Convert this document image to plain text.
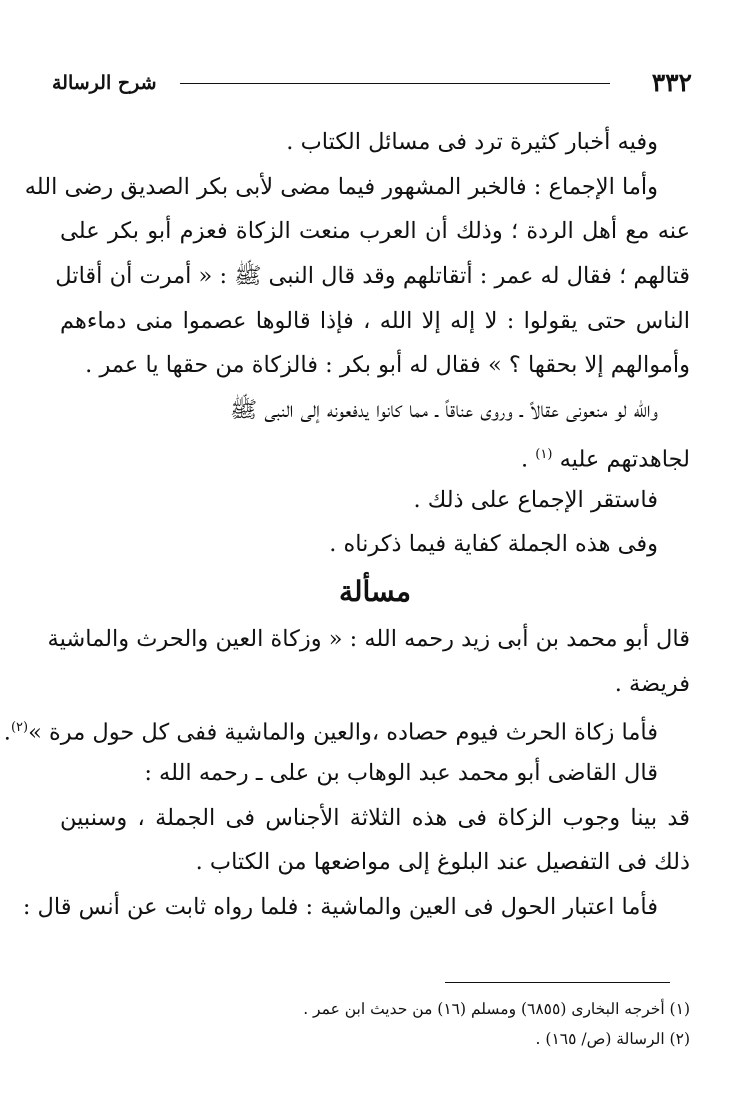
٣٣٢
شرح الرسالة
وفيه أخبار كثيرة ترد فى مسائل الكتاب .
وأما الإجماع : فالخبر المشهور فيما مضى لأبى بكر الصديق رضى الله
عنه مع أهل الردة ؛ وذلك أن العرب منعت الزكاة فعزم أبو بكر على
قتالهم ؛ فقال له عمر : أتقاتلهم وقد قال النبى ﷺ : « أمرت أن أقاتل
الناس حتى يقولوا : لا إله إلا الله ، فإذا قالوها عصموا منى دماءهم
وأموالهم إلا بحقها ؟ » فقال له أبو بكر : فالزكاة من حقها يا عمر .
والله لو منعونى عقالاً ـ وروى عناقاً ـ مما كانوا يدفعونه إلى النبى ﷺ
لجاهدتهم عليه $^{(١)}$ .
فاستقر الإجماع على ذلك .
وفى هذه الجملة كفاية فيما ذكرناه .
مسألة
قال أبو محمد بن أبى زيد رحمه الله : « وزكاة العين والحرث والماشية
فريضة .
فأما زكاة الحرث فيوم حصاده ،والعين والماشية ففى كل حول مرة »$^{(٢)}$.
قال القاضى أبو محمد عبد الوهاب بن على ـ رحمه الله :
قد بينا وجوب الزكاة فى هذه الثلاثة الأجناس فى الجملة ، وسنبين
ذلك فى التفصيل عند البلوغ إلى مواضعها من الكتاب .
فأما اعتبار الحول فى العين والماشية : فلما رواه ثابت عن أنس قال :
(١) أخرجه البخارى (٦٨٥٥) ومسلم (١٦) من حديث ابن عمر .
(٢) الرسالة (ص/ ١٦٥) .
